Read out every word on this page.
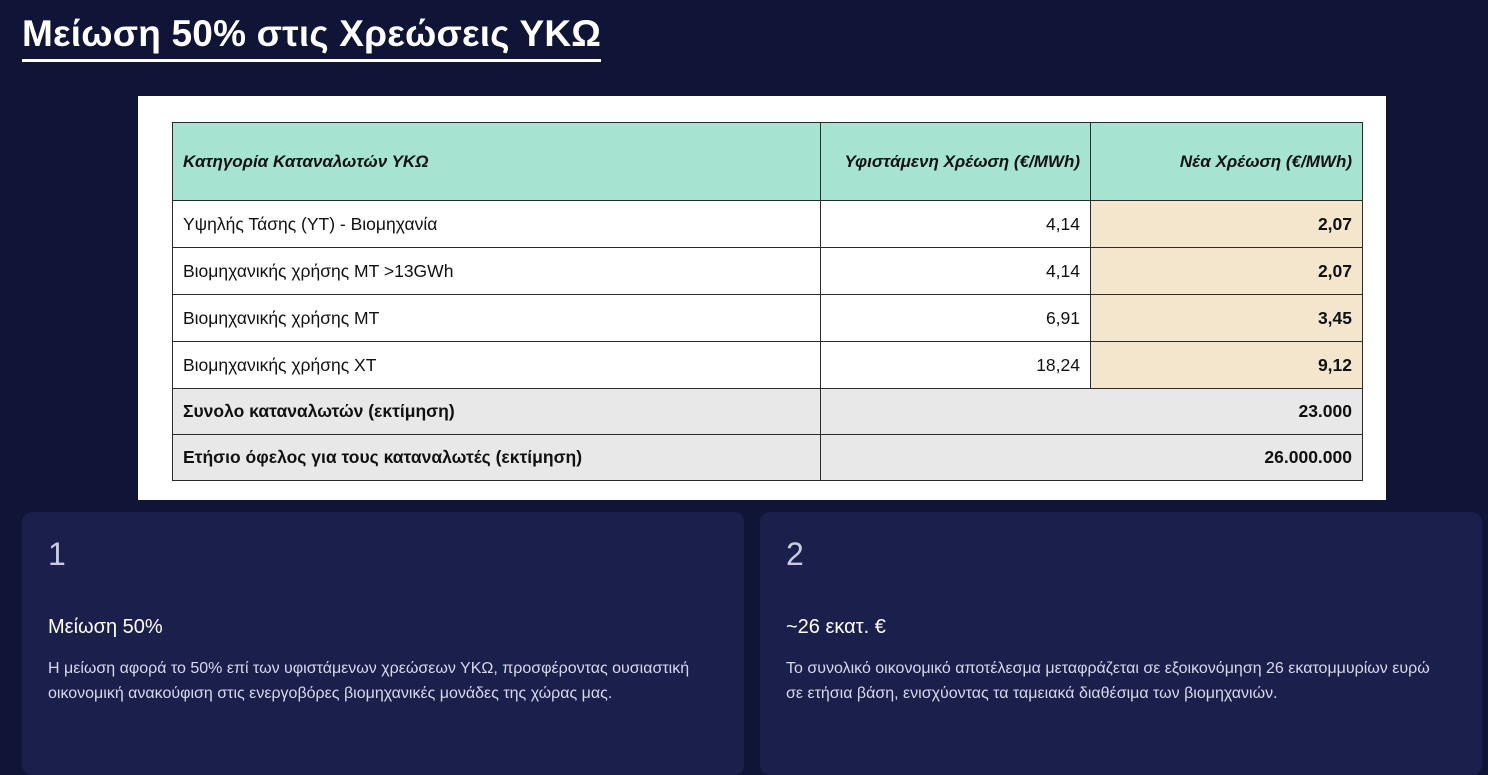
Μείωση 50% στις Χρεώσεις ΥΚΩ
Κατηγορία Καταναλωτών ΥΚΩ	Υφιστάμενη Χρέωση (€/MWh)	Νέα Χρέωση (€/MWh)
Υψηλής Τάσης (ΥΤ) - Βιομηχανία	4,14	2,07
Βιομηχανικής χρήσης ΜΤ >13GWh	4,14	2,07
Βιομηχανικής χρήσης ΜΤ	6,91	3,45
Βιομηχανικής χρήσης ΧΤ	18,24	9,12
Συνολο καταναλωτών (εκτίμηση)	23.000	
Ετήσιο όφελος για τους καταναλωτές (εκτίμηση)	26.000.000	
1
Μείωση 50%
Η μείωση αφορά το 50% επί των υφιστάμενων χρεώσεων ΥΚΩ, προσφέροντας ουσιαστική οικονομική ανακούφιση στις ενεργοβόρες βιομηχανικές μονάδες της χώρας μας.
2
~26 εκατ. €
Το συνολικό οικονομικό αποτέλεσμα μεταφράζεται σε εξοικονόμηση 26 εκατομμυρίων ευρώ σε ετήσια βάση, ενισχύοντας τα ταμειακά διαθέσιμα των βιομηχανιών.
